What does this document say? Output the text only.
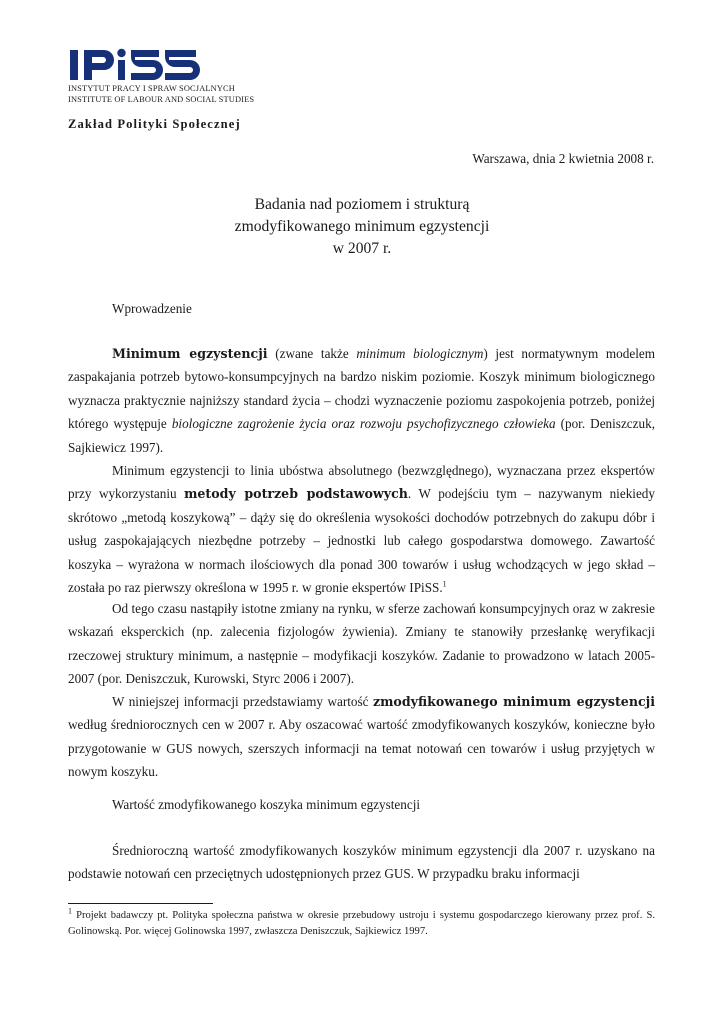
INSTYTUT PRACY I SPRAW SOCJALNYCH
INSTITUTE OF LABOUR AND SOCIAL STUDIES
Zakład Polityki Społecznej
Warszawa, dnia 2 kwietnia 2008 r.
Badania nad poziomem i strukturą
zmodyfikowanego minimum egzystencji
w 2007 r.
Wprowadzenie

Minimum egzystencji (zwane także minimum biologicznym) jest normatywnym modelem zaspakajania potrzeb bytowo-konsumpcyjnych na bardzo niskim poziomie. Koszyk minimum biologicznego wyznacza praktycznie najniższy standard życia – chodzi wyznaczenie poziomu zaspokojenia potrzeb, poniżej którego występuje biologiczne zagrożenie życia oraz rozwoju psychofizycznego człowieka (por. Deniszczuk, Sajkiewicz 1997).

Minimum egzystencji to linia ubóstwa absolutnego (bezwzględnego), wyznaczana przez ekspertów przy wykorzystaniu metody potrzeb podstawowych. W podejściu tym – nazywanym niekiedy skrótowo „metodą koszykową” – dąży się do określenia wysokości dochodów potrzebnych do zakupu dóbr i usług zaspokajających niezbędne potrzeby – jednostki lub całego gospodarstwa domowego. Zawartość koszyka – wyrażona w normach ilościowych dla ponad 300 towarów i usług wchodzących w jego skład – została po raz pierwszy określona w 1995 r. w gronie ekspertów IPiSS.$^1$

Od tego czasu nastąpiły istotne zmiany na rynku, w sferze zachowań konsumpcyjnych oraz w zakresie wskazań eksperckich (np. zalecenia fizjologów żywienia). Zmiany te stanowiły przesłankę weryfikacji rzeczowej struktury minimum, a następnie – modyfikacji koszyków. Zadanie to prowadzono w latach 2005-2007 (por. Deniszczuk, Kurowski, Styrc 2006 i 2007).

W niniejszej informacji przedstawiamy wartość zmodyfikowanego minimum egzystencji według średniorocznych cen w 2007 r. Aby oszacować wartość zmodyfikowanych koszyków, konieczne było przygotowanie w GUS nowych, szerszych informacji na temat notowań cen towarów i usług przyjętych w nowym koszyku.

Wartość zmodyfikowanego koszyka minimum egzystencji

Średnioroczną wartość zmodyfikowanych koszyków minimum egzystencji dla 2007 r. uzyskano na podstawie notowań cen przeciętnych udostępnionych przez GUS. W przypadku braku informacji

$^1$ Projekt badawczy pt. Polityka społeczna państwa w okresie przebudowy ustroju i systemu gospodarczego kierowany przez prof. S. Golinowską. Por. więcej Golinowska 1997, zwłaszcza Deniszczuk, Sajkiewicz 1997.
